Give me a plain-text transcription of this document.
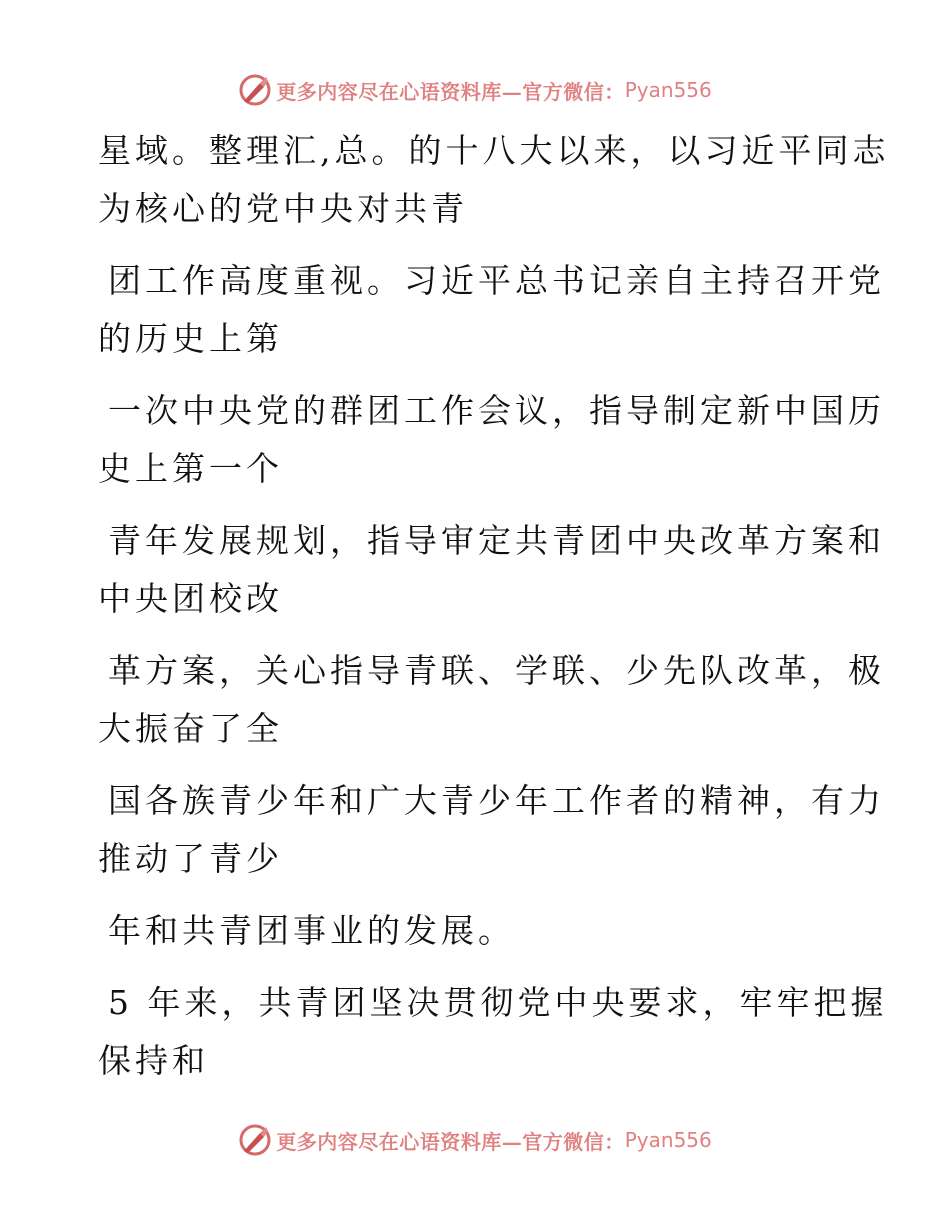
更多内容尽在心语资料库—官方微信： Pyan556

星域。整理汇,总。的十八大以来，以习近平同志
为核心的党中央对共青

团工作高度重视。习近平总书记亲自主持召开党
的历史上第

一次中央党的群团工作会议，指导制定新中国历
史上第一个

青年发展规划，指导审定共青团中央改革方案和
中央团校改

革方案，关心指导青联、学联、少先队改革，极
大振奋了全

国各族青少年和广大青少年工作者的精神，有力
推动了青少

年和共青团事业的发展。

5 年来，共青团坚决贯彻党中央要求，牢牢把握
保持和

更多内容尽在心语资料库—官方微信： Pyan556
